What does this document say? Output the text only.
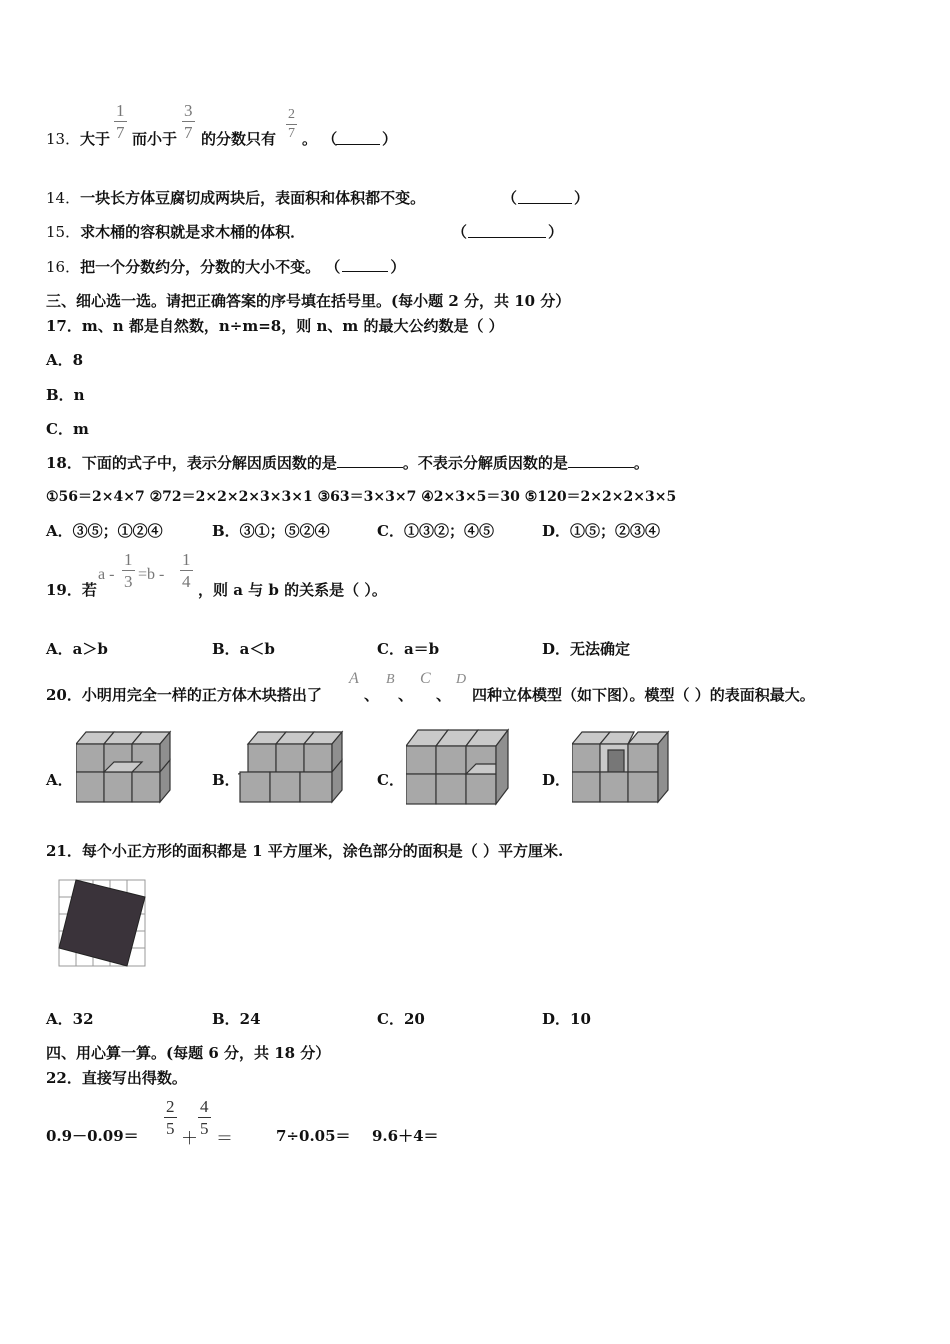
13． 大于 $\frac{1}{7}$ 而小于 $\frac{3}{7}$ 的分数只有 $\frac{2}{7}$ 。 （	）
14．一块长方体豆腐切成两块后，表面积和体积都不变。	（	）
15．求木桶的容积就是求木桶的体积．	（	）
16．把一个分数约分，分数的大小不变。 （	）
三、细心选一选。请把正确答案的序号填在括号里。(每小题 2 分，共 10 分）
17．m、n 都是自然数，n÷m=8，则 n、m 的最大公约数是（ ）
A．8
B．n
C．m
18．下面的式子中，表示分解因质因数的是	。不表示分解质因数的是	。
①56＝2×4×7 ②72＝2×2×2×3×3×1 ③63＝3×3×7 ④2×3×5＝30 ⑤120＝2×2×2×3×5
A．③⑤；①②④	B．③①；⑤②④	C．①③②；④⑤	D．①⑤；②③④
19．若
$a - \frac{1}{3} =b - \frac{1}{4}$ ，则 a 与 b 的关系是（ ）。
A．a＞b	B．a＜b	C．a＝b	D．无法确定
20．小明用完全一样的正方体木块搭出了
A
、
B
、
C
、
D
四种立体模型（如下图）。模型（ ）的表面积最大。
A．	B．	C．	D．
21．每个小正方形的面积都是 1 平方厘米，涂色部分的面积是（ ）平方厘米.
A．32	B．24	C．20	D．10
四、用心算一算。(每题 6 分，共 18 分）
22．直接写出得数。
$0.9-0.09= \frac{2}{5}$
＋
$\frac{4}{5}$
＝	7÷0.05＝ 9.6＋4＝
